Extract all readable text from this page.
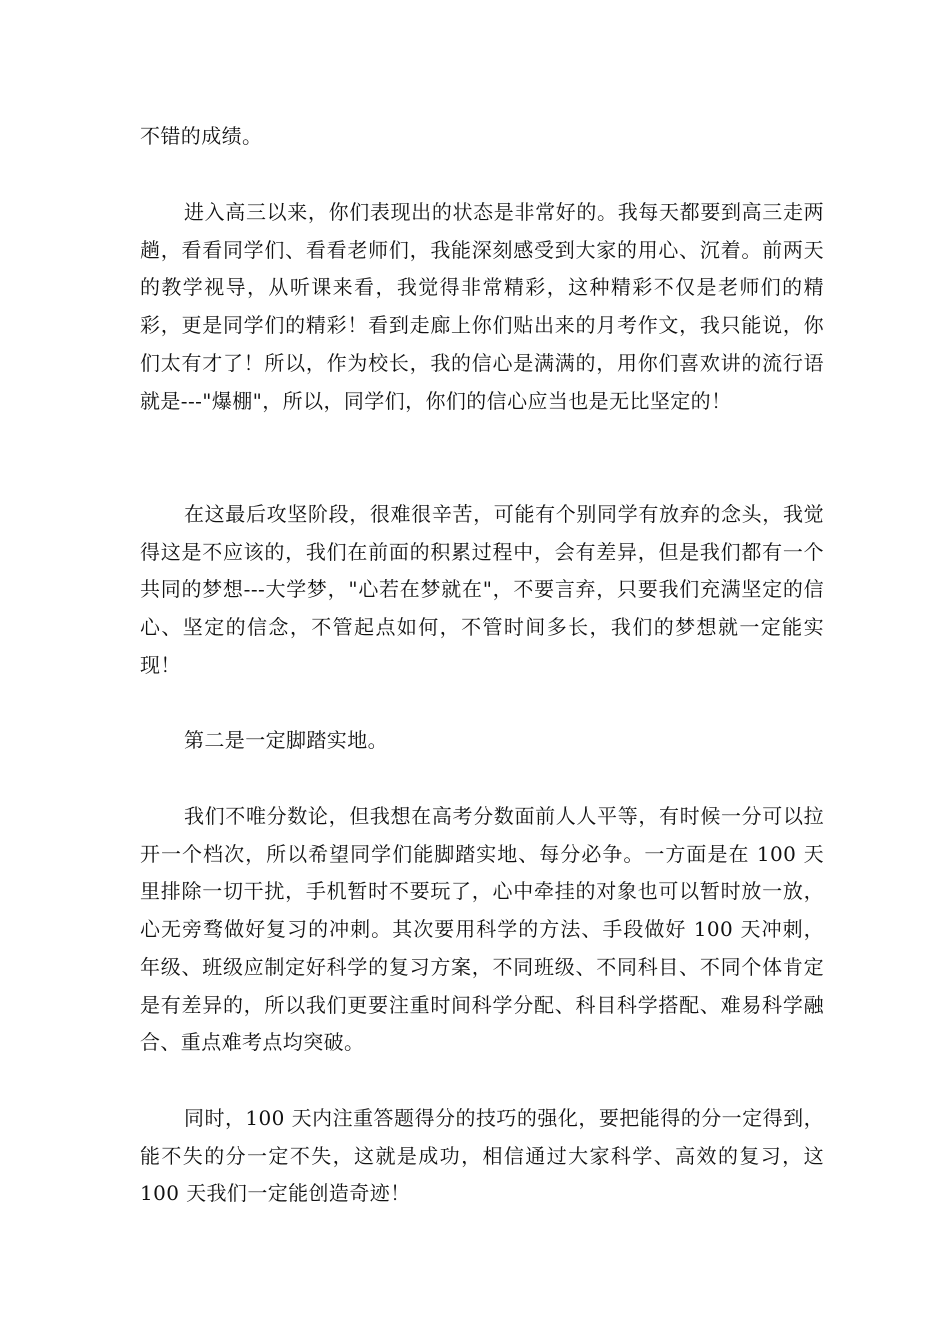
不错的成绩。

进入高三以来，你们表现出的状态是非常好的。我每天都要到高三走两趟，看看同学们、看看老师们，我能深刻感受到大家的用心、沉着。前两天的教学视导，从听课来看，我觉得非常精彩，这种精彩不仅是老师们的精彩，更是同学们的精彩！看到走廊上你们贴出来的月考作文，我只能说，你们太有才了！所以，作为校长，我的信心是满满的，用你们喜欢讲的流行语就是---"爆棚"，所以，同学们，你们的信心应当也是无比坚定的！

在这最后攻坚阶段，很难很辛苦，可能有个别同学有放弃的念头，我觉得这是不应该的，我们在前面的积累过程中，会有差异，但是我们都有一个共同的梦想---大学梦，"心若在梦就在"，不要言弃，只要我们充满坚定的信心、坚定的信念，不管起点如何，不管时间多长，我们的梦想就一定能实现！

第二是一定脚踏实地。

我们不唯分数论，但我想在高考分数面前人人平等，有时候一分可以拉开一个档次，所以希望同学们能脚踏实地、每分必争。一方面是在 100 天里排除一切干扰，手机暂时不要玩了，心中牵挂的对象也可以暂时放一放，心无旁骛做好复习的冲刺。其次要用科学的方法、手段做好 100 天冲刺，年级、班级应制定好科学的复习方案，不同班级、不同科目、不同个体肯定是有差异的，所以我们更要注重时间科学分配、科目科学搭配、难易科学融合、重点难考点均突破。

同时，100 天内注重答题得分的技巧的强化，要把能得的分一定得到，能不失的分一定不失，这就是成功，相信通过大家科学、高效的复习，这 100 天我们一定能创造奇迹！
